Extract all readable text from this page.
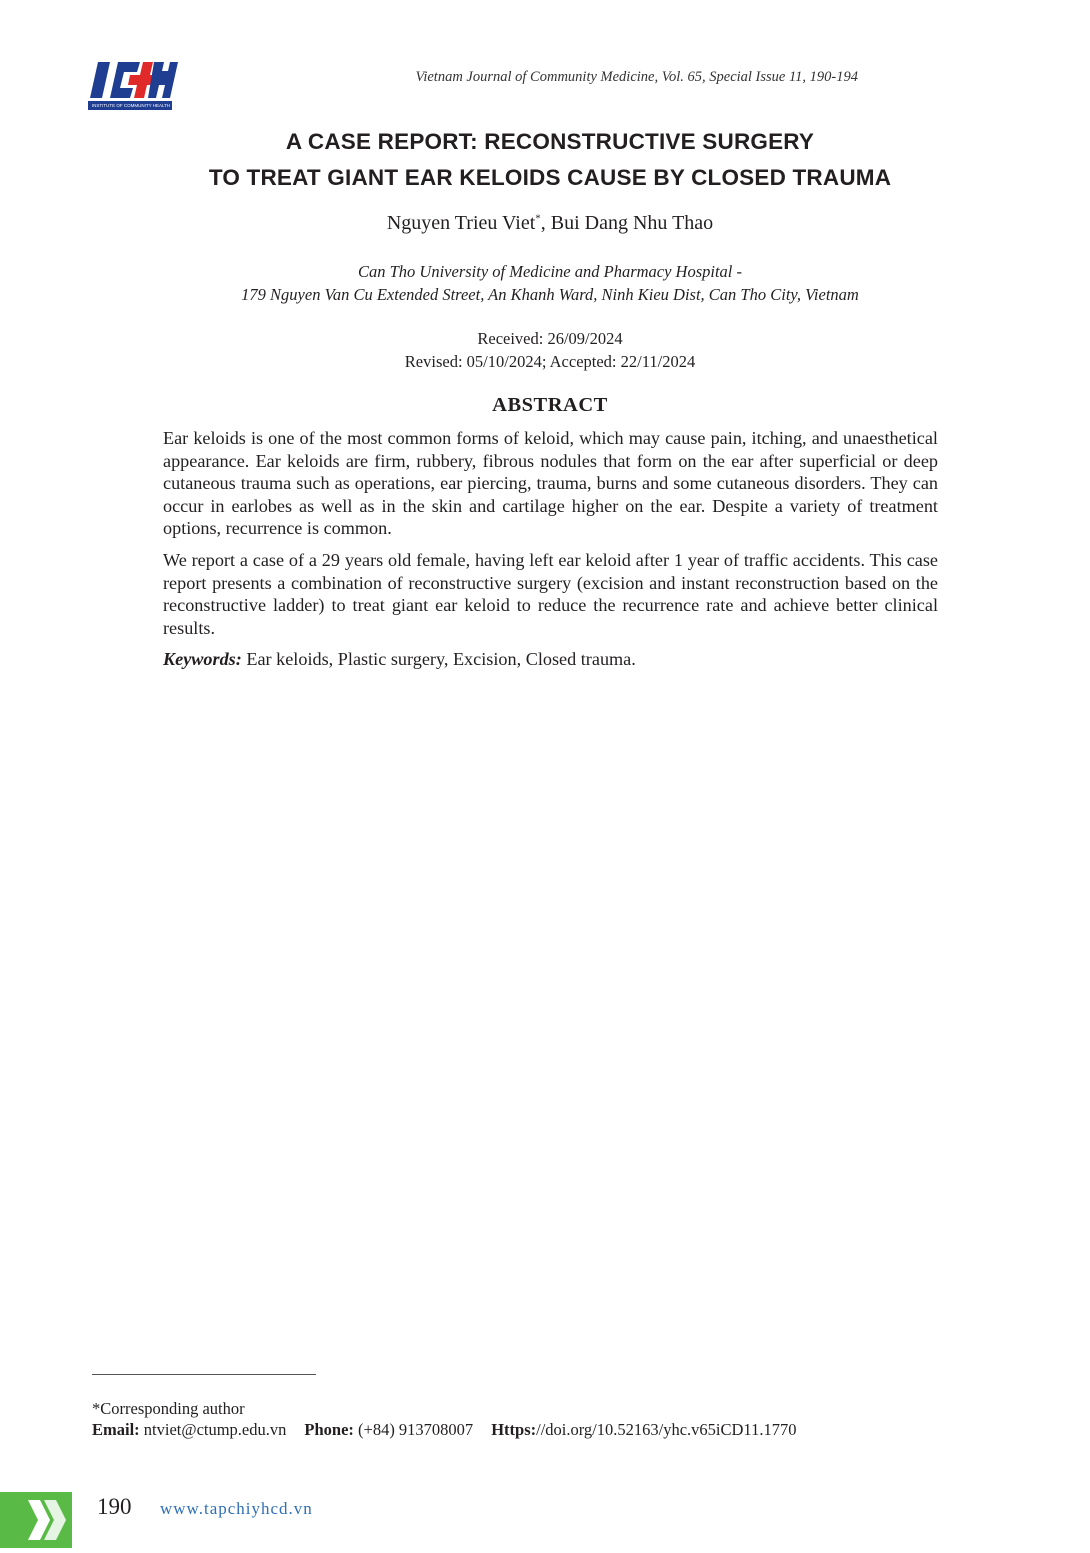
INSTITUTE OF COMMUNITY HEALTH
Vietnam Journal of Community Medicine, Vol. 65, Special Issue 11, 190-194
A CASE REPORT: RECONSTRUCTIVE SURGERY
TO TREAT GIANT EAR KELOIDS CAUSE BY CLOSED TRAUMA
Nguyen Trieu Viet*, Bui Dang Nhu Thao
Can Tho University of Medicine and Pharmacy Hospital -
179 Nguyen Van Cu Extended Street, An Khanh Ward, Ninh Kieu Dist, Can Tho City, Vietnam
Received: 26/09/2024
Revised: 05/10/2024; Accepted: 22/11/2024
ABSTRACT

Ear keloids is one of the most common forms of keloid, which may cause pain, itching, and unaesthetical appearance. Ear keloids are firm, rubbery, fibrous nodules that form on the ear after superficial or deep cutaneous trauma such as operations, ear piercing, trauma, burns and some cutaneous disorders. They can occur in earlobes as well as in the skin and cartilage higher on the ear. Despite a variety of treatment options, recurrence is common.

We report a case of a 29 years old female, having left ear keloid after 1 year of traffic accidents. This case report presents a combination of reconstructive surgery (excision and instant reconstruction based on the reconstructive ladder) to treat giant ear keloid to reduce the recurrence rate and achieve better clinical results.

Keywords: Ear keloids, Plastic surgery, Excision, Closed trauma.

*Corresponding author
Email: ntviet@ctump.edu.vn Phone: (+84) 913708007 Https://doi.org/10.52163/yhc.v65iCD11.1770
190 www.tapchiyhcd.vn
